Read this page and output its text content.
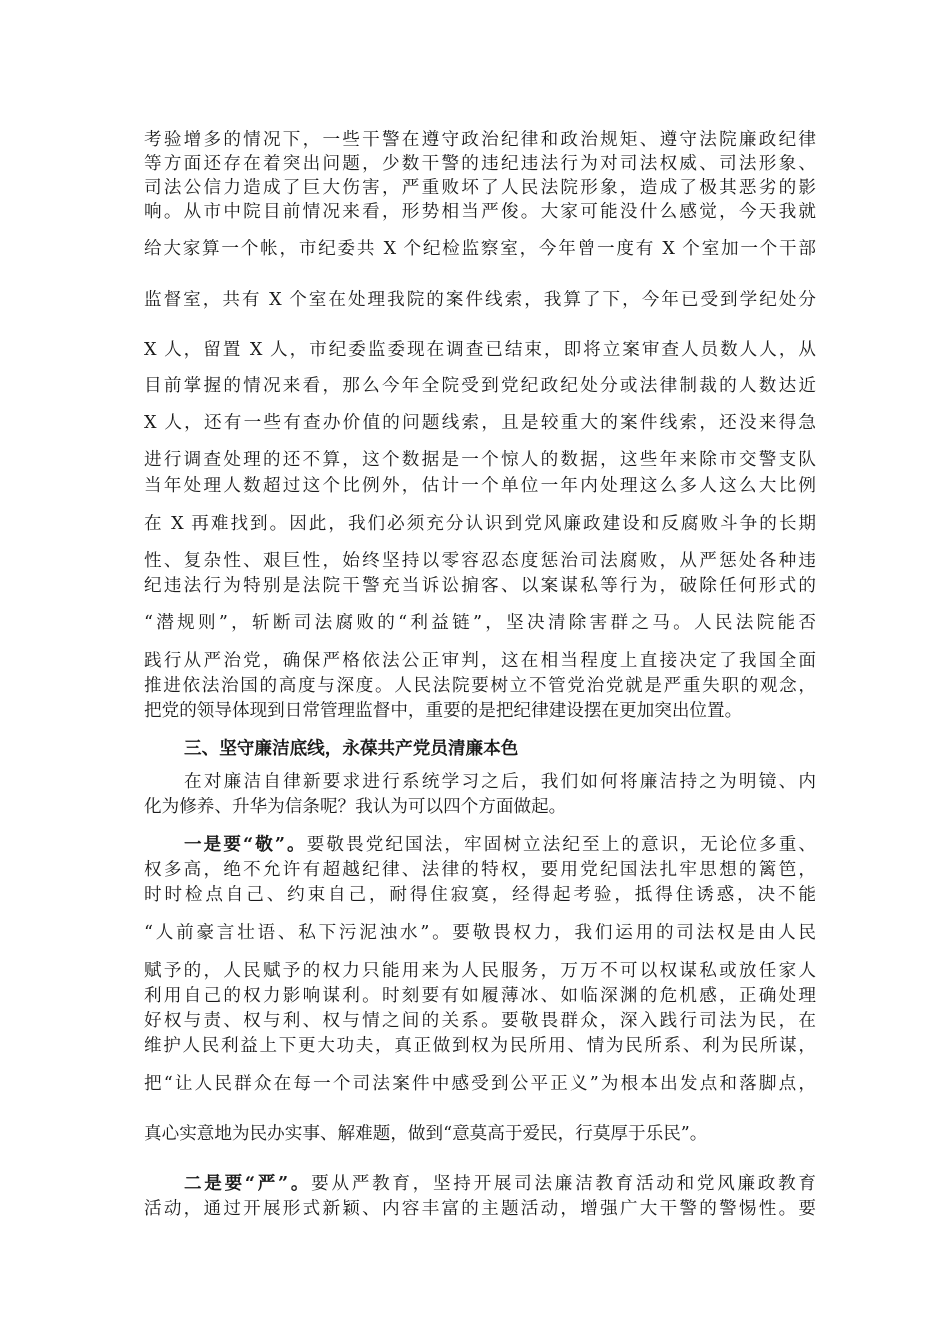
考验增多的情况下，一些干警在遵守政治纪律和政治规矩、遵守法院廉政纪律
等方面还存在着突出问题，少数干警的违纪违法行为对司法权威、司法形象、
司法公信力造成了巨大伤害，严重败坏了人民法院形象，造成了极其恶劣的影
响。从市中院目前情况来看，形势相当严俊。大家可能没什么感觉，今天我就
给大家算一个帐，市纪委共 X 个纪检监察室，今年曾一度有 X 个室加一个干部
监督室，共有 X 个室在处理我院的案件线索，我算了下，今年已受到学纪处分
X 人，留置 X 人，市纪委监委现在调查已结束，即将立案审查人员数人人，从
目前掌握的情况来看，那么今年全院受到党纪政纪处分或法律制裁的人数达近
X 人，还有一些有查办价值的问题线索，且是较重大的案件线索，还没来得急
进行调查处理的还不算，这个数据是一个惊人的数据，这些年来除市交警支队
当年处理人数超过这个比例外，估计一个单位一年内处理这么多人这么大比例
在 X 再难找到。因此，我们必须充分认识到党风廉政建设和反腐败斗争的长期
性、复杂性、艰巨性，始终坚持以零容忍态度惩治司法腐败，从严惩处各种违
纪违法行为特别是法院干警充当诉讼掮客、以案谋私等行为，破除任何形式的
“潜规则”，斩断司法腐败的“利益链”，坚决清除害群之马。人民法院能否
践行从严治党，确保严格依法公正审判，这在相当程度上直接决定了我国全面
推进依法治国的高度与深度。人民法院要树立不管党治党就是严重失职的观念，
把党的领导体现到日常管理监督中，重要的是把纪律建设摆在更加突出位置。
三、坚守廉洁底线，永葆共产党员清廉本色
在对廉洁自律新要求进行系统学习之后，我们如何将廉洁持之为明镜、内
化为修养、升华为信条呢？我认为可以四个方面做起。
一是要“敬”。要敬畏党纪国法，牢固树立法纪至上的意识，无论位多重、
权多高，绝不允许有超越纪律、法律的特权，要用党纪国法扎牢思想的篱笆，
时时检点自己、约束自己，耐得住寂寞，经得起考验，抵得住诱惑，决不能
“人前豪言壮语、私下污泥浊水”。要敬畏权力，我们运用的司法权是由人民
赋予的，人民赋予的权力只能用来为人民服务，万万不可以权谋私或放任家人
利用自己的权力影响谋利。时刻要有如履薄冰、如临深渊的危机感，正确处理
好权与责、权与利、权与情之间的关系。要敬畏群众，深入践行司法为民，在
维护人民利益上下更大功夫，真正做到权为民所用、情为民所系、利为民所谋，
把“让人民群众在每一个司法案件中感受到公平正义”为根本出发点和落脚点，
真心实意地为民办实事、解难题，做到“意莫高于爱民，行莫厚于乐民”。
二是要“严”。要从严教育，坚持开展司法廉洁教育活动和党风廉政教育
活动，通过开展形式新颖、内容丰富的主题活动，增强广大干警的警惕性。要
